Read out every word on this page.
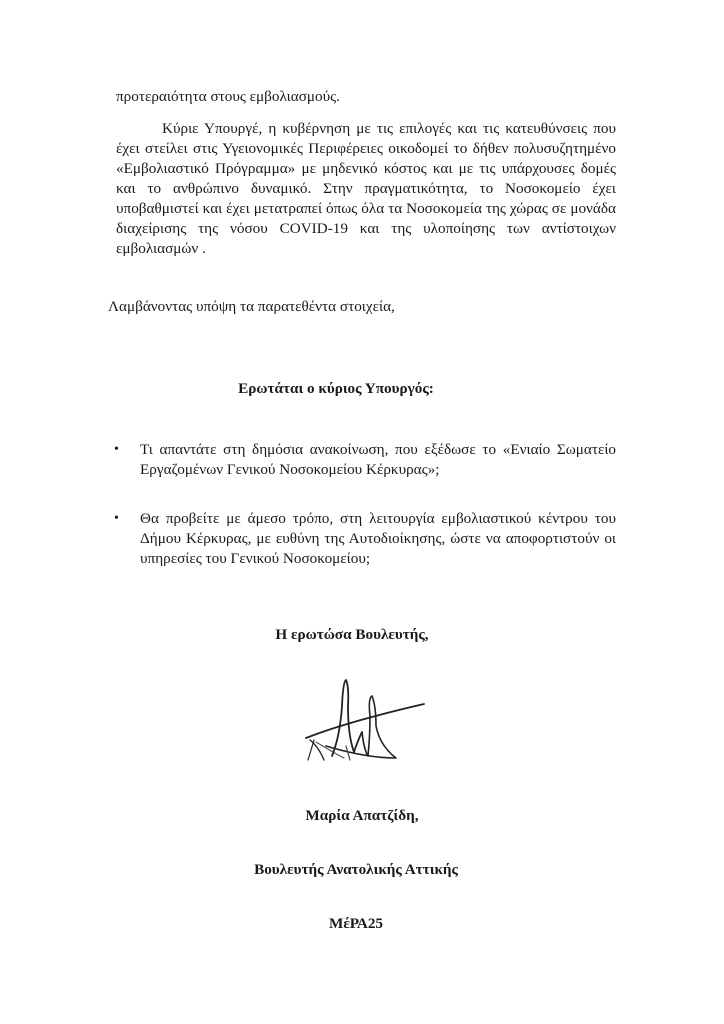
προτεραιότητα στους εμβολιασμούς.

Κύριε Υπουργέ, η κυβέρνηση με τις επιλογές και τις κατευθύνσεις που έχει στείλει στις Υγειονομικές Περιφέρειες οικοδομεί το δήθεν πολυσυζητημένο «Εμβολιαστικό Πρόγραμμα» με μηδενικό κόστος και με τις υπάρχουσες δομές και το ανθρώπινο δυναμικό. Στην πραγματικότητα, το Νοσοκομείο έχει υποβαθμιστεί και έχει μετατραπεί όπως όλα τα Νοσοκομεία της χώρας σε μονάδα διαχείρισης της νόσου COVID-19 και της υλοποίησης των αντίστοιχων εμβολιασμών .

Λαμβάνοντας υπόψη τα παρατεθέντα στοιχεία,

Ερωτάται ο κύριος Υπουργός:

•	Τι απαντάτε στη δημόσια ανακοίνωση, που εξέδωσε το «Ενιαίο Σωματείο Εργαζομένων Γενικού Νοσοκομείου Κέρκυρας»;
•	Θα προβείτε με άμεσο τρόπο, στη λειτουργία εμβολιαστικού κέντρου του Δήμου Κέρκυρας, με ευθύνη της Αυτοδιοίκησης, ώστε να αποφορτιστούν οι υπηρεσίες του Γενικού Νοσοκομείου;

Η ερωτώσα Βουλευτής,

Μαρία Απατζίδη,

Βουλευτής Ανατολικής Αττικής

ΜέΡΑ25
